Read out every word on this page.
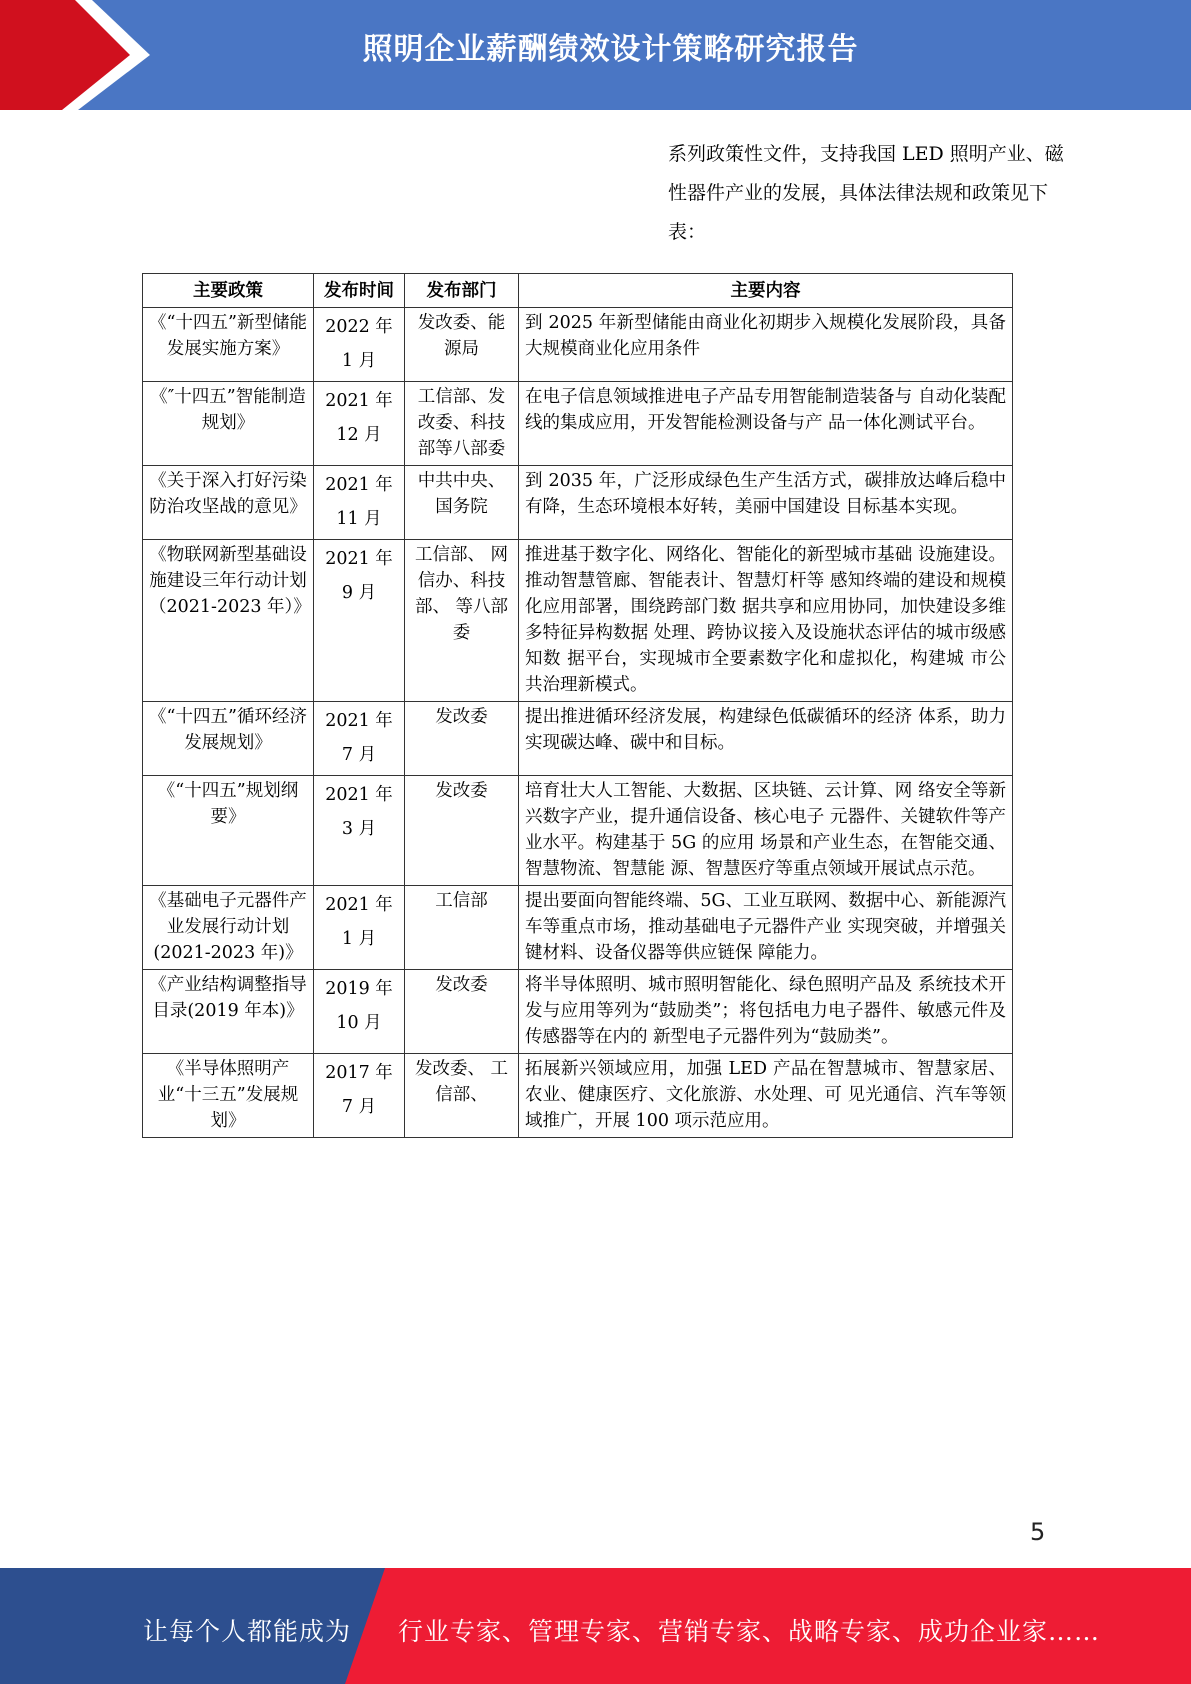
照明企业薪酬绩效设计策略研究报告
系列政策性文件，支持我国 LED 照明产业、磁性器件产业的发展，具体法律法规和政策见下表：
主要政策	发布时间	发布部门	主要内容
《“十四五”新型储能发展实施方案》	2022 年 1 月	发改委、能源局	到 2025 年新型储能由商业化初期步入规模化发展阶段，具备大规模商业化应用条件
《″十四五”智能制造规划》	2021 年 12 月	工信部、发改委、科技部等八部委	在电子信息领域推进电子产品专用智能制造装备与 自动化装配线的集成应用，开发智能检测设备与产 品一体化测试平台。
《关于深入打好污染防治攻坚战的意见》	2021 年 11 月	中共中央、国务院	到 2035 年，广泛形成绿色生产生活方式，碳排放达峰后稳中有降，生态环境根本好转，美丽中国建设 目标基本实现。
《物联网新型基础设施建设三年行动计划（2021-2023 年）》	2021 年 9 月	工信部、 网信办、科技部、 等八部委	推进基于数字化、网络化、智能化的新型城市基础 设施建设。推动智慧管廊、智能表计、智慧灯杆等 感知终端的建设和规模化应用部署，围绕跨部门数 据共享和应用协同，加快建设多维多特征异构数据 处理、跨协议接入及设施状态评估的城市级感知数 据平台，实现城市全要素数字化和虚拟化，构建城 市公共治理新模式。
《“十四五”循环经济发展规划》	2021 年 7 月	发改委	提出推进循环经济发展，构建绿色低碳循环的经济 体系，助力实现碳达峰、碳中和目标。
《“十四五”规划纲要》	2021 年 3 月	发改委	培育壮大人工智能、大数据、区块链、云计算、网 络安全等新兴数字产业，提升通信设备、核心电子 元器件、关键软件等产业水平。构建基于 5G 的应用 场景和产业生态，在智能交通、智慧物流、智慧能 源、智慧医疗等重点领域开展试点示范。
《基础电子元器件产业发展行动计划(2021-2023 年)》	2021 年 1 月	工信部	提出要面向智能终端、5G、工业互联网、数据中心、新能源汽车等重点市场，推动基础电子元器件产业 实现突破，并增强关键材料、设备仪器等供应链保 障能力。
《产业结构调整指导目录(2019 年本)》	2019 年 10 月	发改委	将半导体照明、城市照明智能化、绿色照明产品及 系统技术开发与应用等列为“鼓励类”；将包括电力电子器件、敏感元件及传感器等在内的 新型电子元器件列为“鼓励类”。
《半导体照明产业“十三五”发展规划》	2017 年 7 月	发改委、 工信部、	拓展新兴领域应用，加强 LED 产品在智慧城市、智慧家居、农业、健康医疗、文化旅游、水处理、可 见光通信、汽车等领域推广，开展 100 项示范应用。
5
让每个人都能成为 行业专家、管理专家、营销专家、战略专家、成功企业家……
